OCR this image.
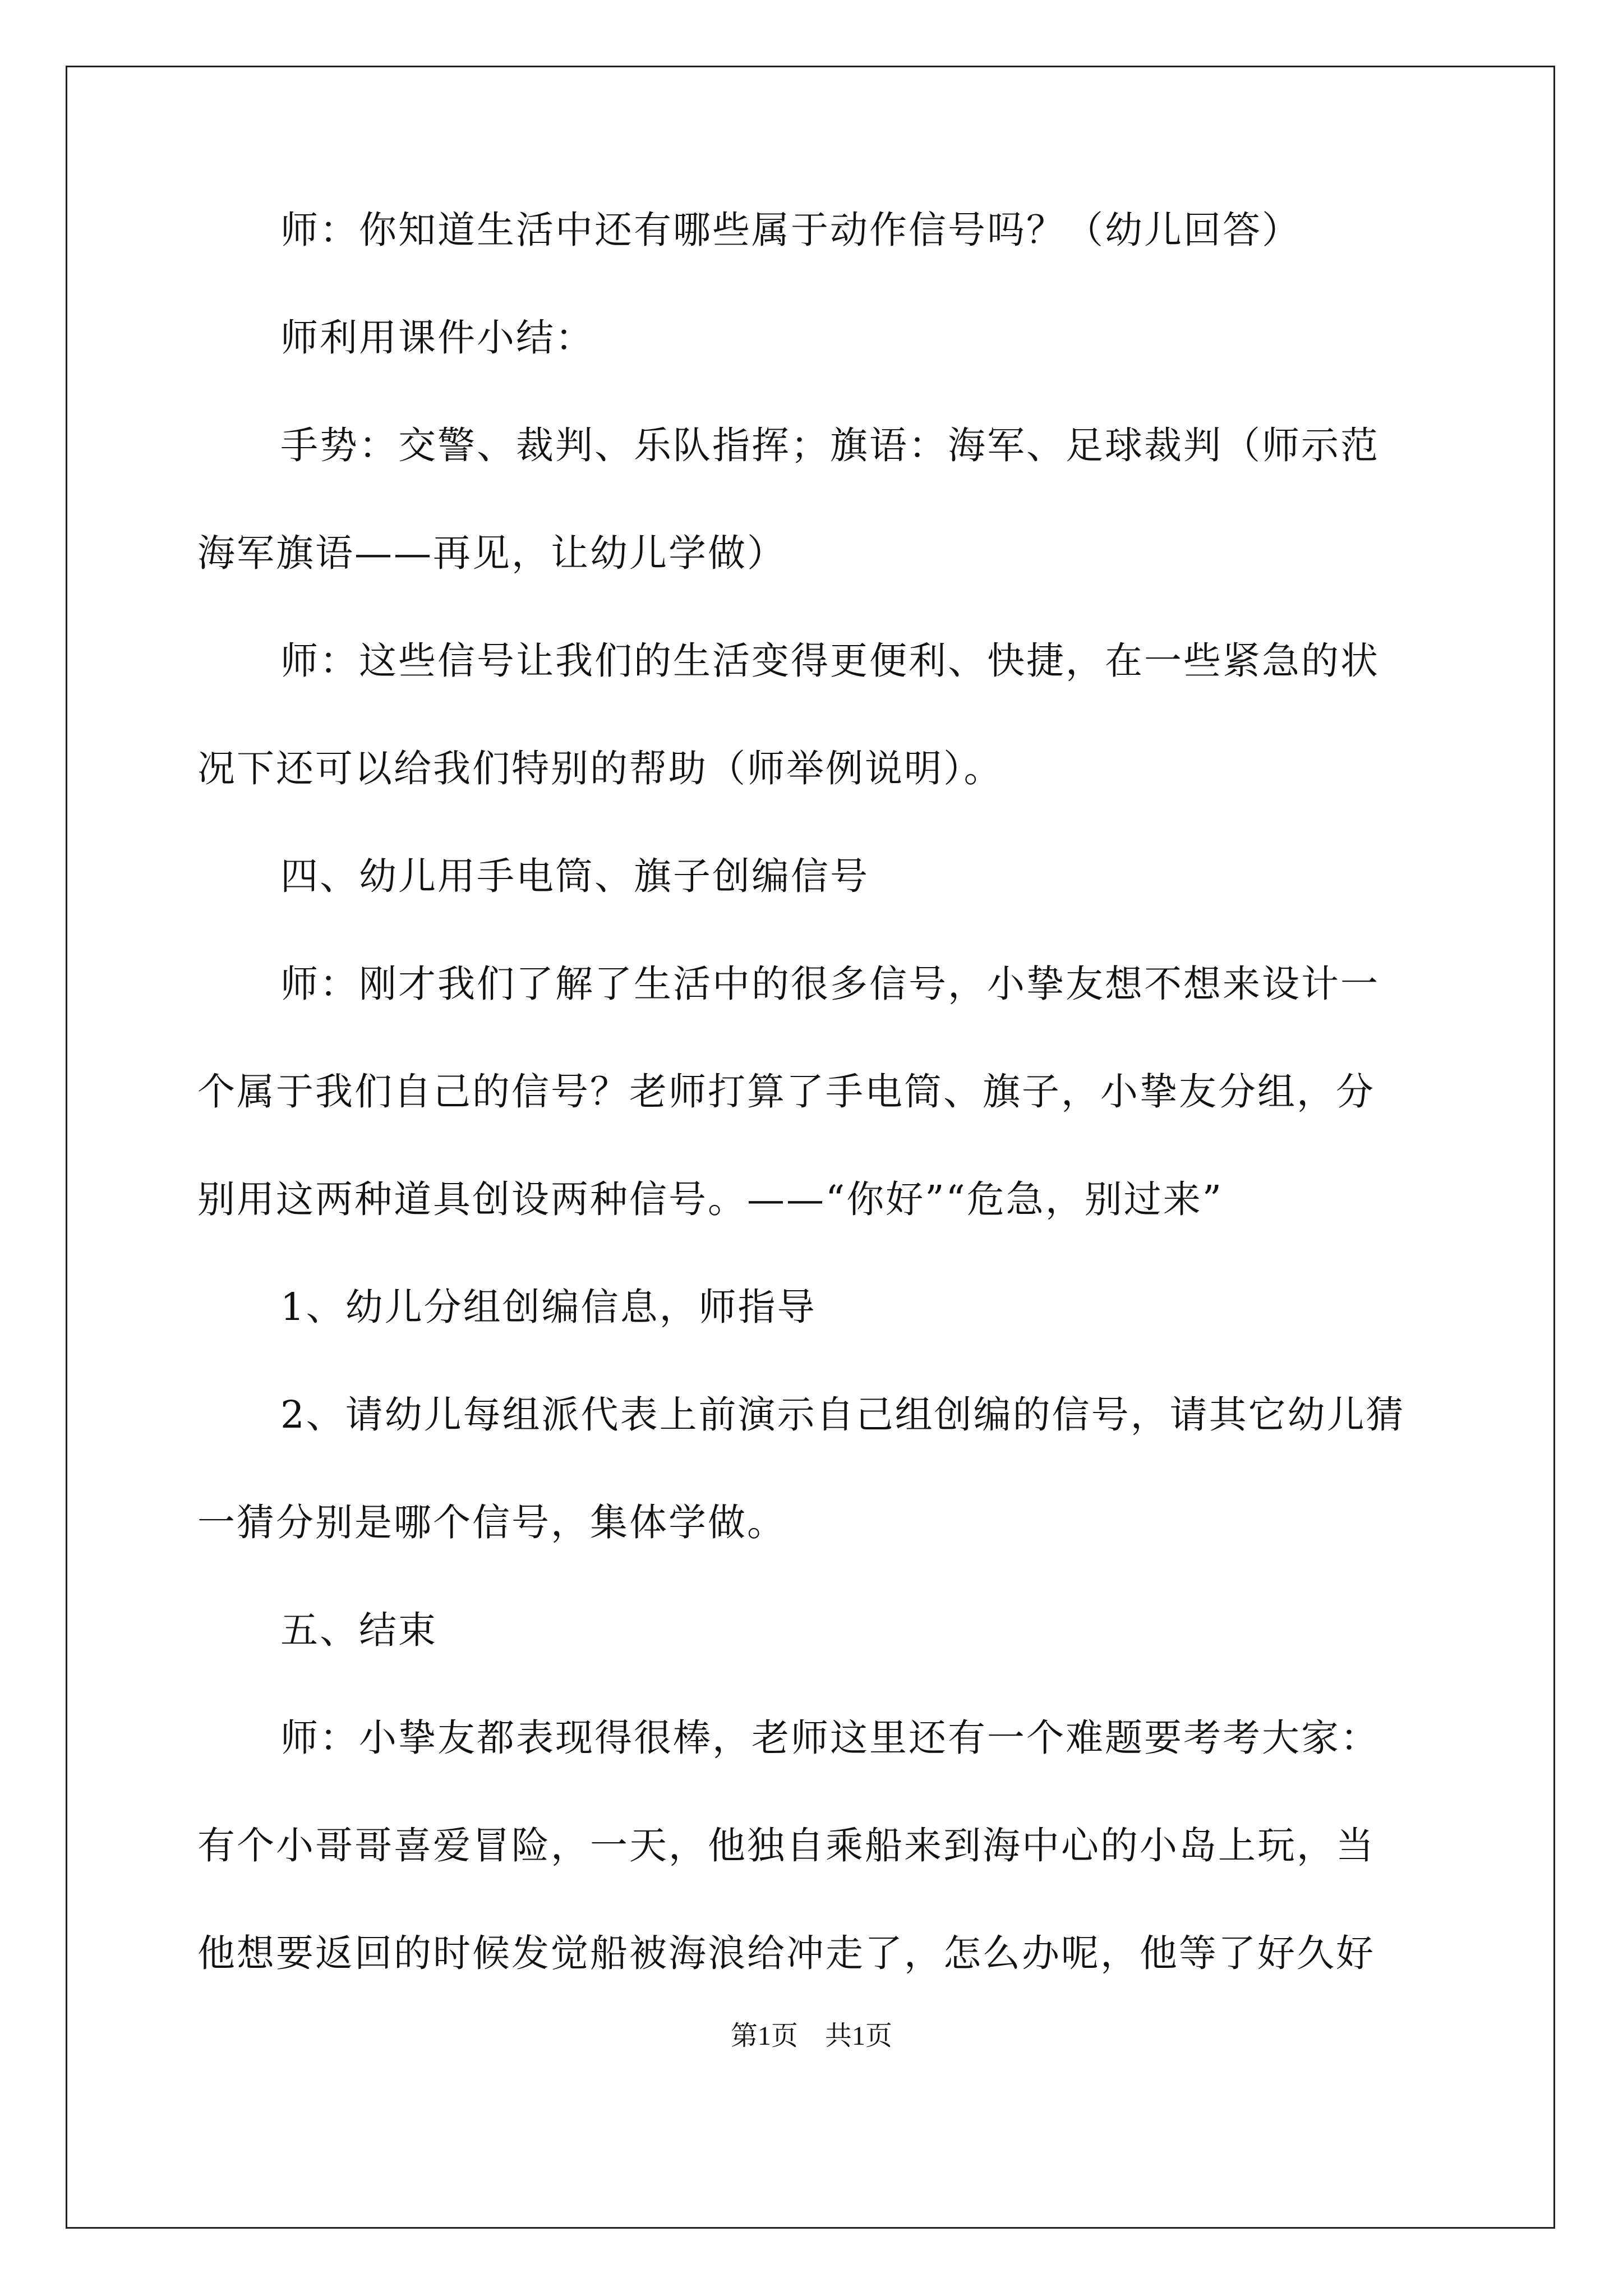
师：你知道生活中还有哪些属于动作信号吗？（幼儿回答）
师利用课件小结：
手势：交警、裁判、乐队指挥；旗语：海军、足球裁判（师示范
海军旗语——再见，让幼儿学做）
师：这些信号让我们的生活变得更便利、快捷，在一些紧急的状
况下还可以给我们特别的帮助（师举例说明）。
四、幼儿用手电筒、旗子创编信号
师：刚才我们了解了生活中的很多信号，小挚友想不想来设计一
个属于我们自己的信号？老师打算了手电筒、旗子，小挚友分组，分
别用这两种道具创设两种信号。——“你好”“危急，别过来”
1、幼儿分组创编信息，师指导
2、请幼儿每组派代表上前演示自己组创编的信号，请其它幼儿猜
一猜分别是哪个信号，集体学做。
五、结束
师：小挚友都表现得很棒，老师这里还有一个难题要考考大家：
有个小哥哥喜爱冒险，一天，他独自乘船来到海中心的小岛上玩，当
他想要返回的时候发觉船被海浪给冲走了，怎么办呢，他等了好久好
第1页　共1页
